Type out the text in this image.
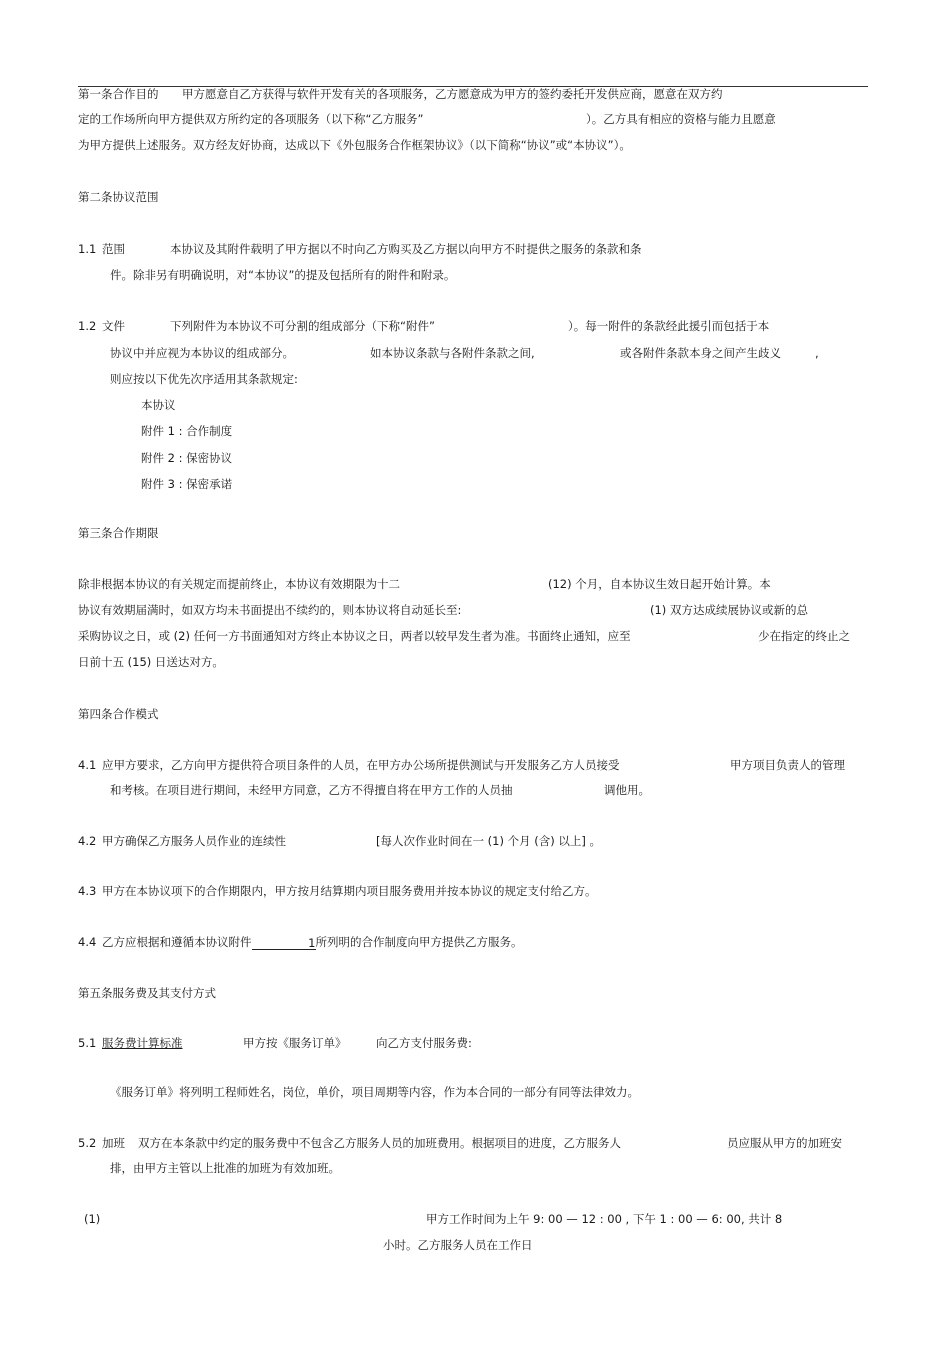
第一条合作目的 甲方愿意自乙方获得与软件开发有关的各项服务，乙方愿意成为甲方的签约委托开发供应商，愿意在双方约
定的工作场所向甲方提供双方所约定的各项服务（以下称“乙方服务”	）。乙方具有相应的资格与能力且愿意
为甲方提供上述服务。双方经友好协商，达成以下《外包服务合作框架协议》（以下简称“协议”或“本协议”）。
第二条协议范围
1.1 范围	本协议及其附件载明了甲方据以不时向乙方购买及乙方据以向甲方不时提供之服务的条款和条
件。除非另有明确说明，对“本协议”的提及包括所有的附件和附录。
1.2 文件	下列附件为本协议不可分割的组成部分（下称“附件”	）。每一附件的条款经此援引而包括于本
协议中并应视为本协议的组成部分。	如本协议条款与各附件条款之间,	或各附件条款本身之间产生歧义	,
则应按以下优先次序适用其条款规定:
本协议
附件 1 : 合作制度
附件 2 : 保密协议
附件 3 : 保密承诺
第三条合作期限
除非根据本协议的有关规定而提前终止，本协议有效期限为十二	(12) 个月，自本协议生效日起开始计算。本
协议有效期届满时，如双方均未书面提出不续约的，则本协议将自动延长至:	(1) 双方达成续展协议或新的总
采购协议之日，或 (2) 任何一方书面通知对方终止本协议之日，两者以较早发生者为准。书面终止通知，应至	少在指定的终止之
日前十五 (15) 日送达对方。
第四条合作模式
4.1 应甲方要求，乙方向甲方提供符合项目条件的人员，在甲方办公场所提供测试与开发服务乙方人员接受	甲方项目负责人的管理
和考核。在项目进行期间，未经甲方同意，乙方不得擅自将在甲方工作的人员抽	调他用。
4.2 甲方确保乙方服务人员作业的连续性	[每人次作业时间在一 (1) 个月 (含) 以上] 。
4.3 甲方在本协议项下的合作期限内，甲方按月结算期内项目服务费用并按本协议的规定支付给乙方。
4.4 乙方应根据和遵循本协议附件	1所列明的合作制度向甲方提供乙方服务。
第五条服务费及其支付方式
5.1 服务费计算标准	甲方按《服务订单》	向乙方支付服务费:
《服务订单》将列明工程师姓名，岗位，单价，项目周期等内容，作为本合同的一部分有同等法律效力。
5.2 加班 双方在本条款中约定的服务费中不包含乙方服务人员的加班费用。根据项目的进度，乙方服务人	员应服从甲方的加班安
排，由甲方主管以上批准的加班为有效加班。
(1)	甲方工作时间为上午 9: 00 — 12 : 00 , 下午 1 : 00 — 6: 00, 共计 8
小时。乙方服务人员在工作日
